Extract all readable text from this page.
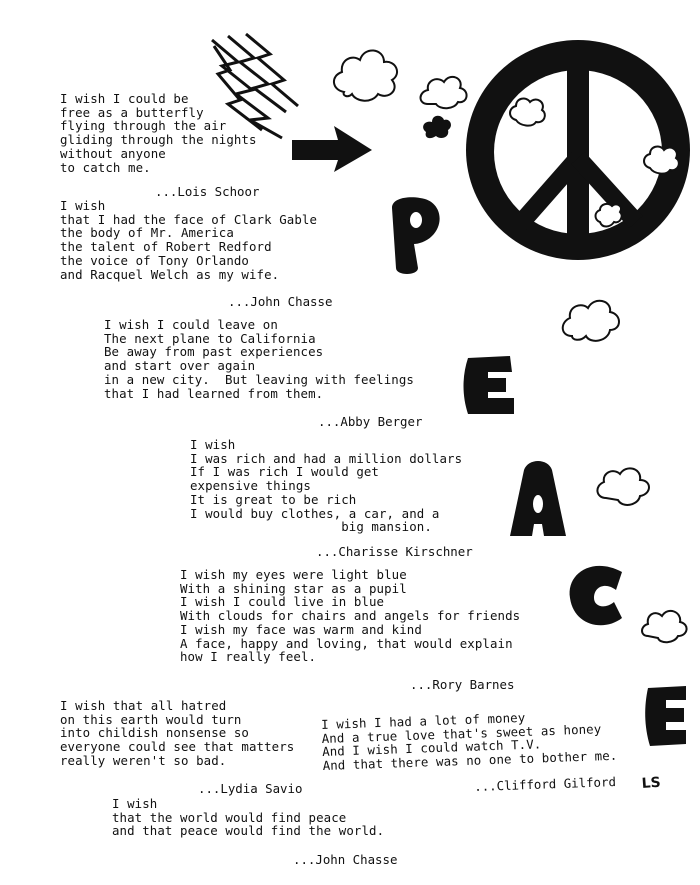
I wish I could be
free as a butterfly
flying through the air
gliding through the nights
without anyone
to catch me.

...Lois Schoor

I wish
that I had the face of Clark Gable
the body of Mr. America
the talent of Robert Redford
the voice of Tony Orlando
and Racquel Welch as my wife.

...John Chasse

I wish I could leave on
The next plane to California
Be away from past experiences
and start over again
in a new city.  But leaving with feelings
that I had learned from them.

...Abby Berger

I wish
I was rich and had a million dollars
If I was rich I would get
expensive things
It is great to be rich
I would buy clothes, a car, and a
big mansion.

...Charisse Kirschner

I wish my eyes were light blue
With a shining star as a pupil
I wish I could live in blue
With clouds for chairs and angels for friends
I wish my face was warm and kind
A face, happy and loving, that would explain
how I really feel.

...Rory Barnes

I wish that all hatred
on this earth would turn
into childish nonsense so
everyone could see that matters
really weren't so bad.

...Lydia Savio

I wish I had a lot of money
And a true love that's sweet as honey
And I wish I could watch T.V.
And that there was no one to bother me.

...Clifford Gilford

I wish
that the world would find peace
and that peace would find the world.

...John Chasse

LS
